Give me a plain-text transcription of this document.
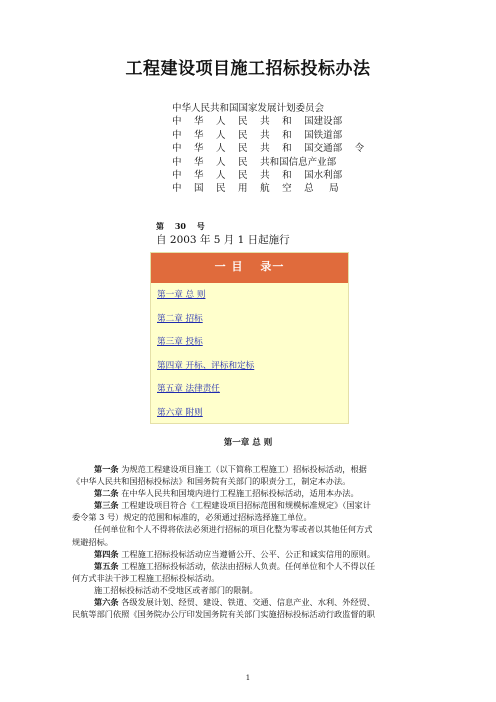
工程建设项目施工招标投标办法
中华人民共和国国家发展计划委员会
中　 华　 人　 民　 共　 和　 国建设部
中　 华　 人　 民　 共　 和　 国铁道部
中　 华　 人　 民　 共　 和　 国交通部　 令
中　 华　 人　 民　 共和国信息产业部
中　 华　 人　 民　 共　 和　 国水利部
中　 国　 民　 用　 航　 空　 总　  局

第　 30　 号
自 2003 年 5 月 1 日起施行

一 目　 录一
第一章 总 则
第二章 招标
第三章 投标
第四章 开标、评标和定标
第五章 法律责任
第六章 附则
第一章 总 则
第一条 为规范工程建设项目施工（以下简称工程施工）招标投标活动，根据
《中华人民共和国招标投标法》和国务院有关部门的职责分工，制定本办法。
第二条 在中华人民共和国境内进行工程施工招标投标活动，适用本办法。
第三条 工程建设项目符合《工程建设项目招标范围和规模标准规定》（国家计
委令第 3 号）规定的范围和标准的，必须通过招标选择施工单位。
任何单位和个人不得将依法必须进行招标的项目化整为零或者以其他任何方式
规避招标。
第四条 工程施工招标投标活动应当遵循公开、公平、公正和诚实信用的原则。
第五条 工程施工招标投标活动，依法由招标人负责。任何单位和个人不得以任
何方式非法干涉工程施工招标投标活动。
施工招标投标活动不受地区或者部门的限制。
第六条 各级发展计划、经贸、建设、铁道、交通、信息产业、水利、外经贸、
民航等部门依照《国务院办公厅印发国务院有关部门实施招标投标活动行政监督的职
1
